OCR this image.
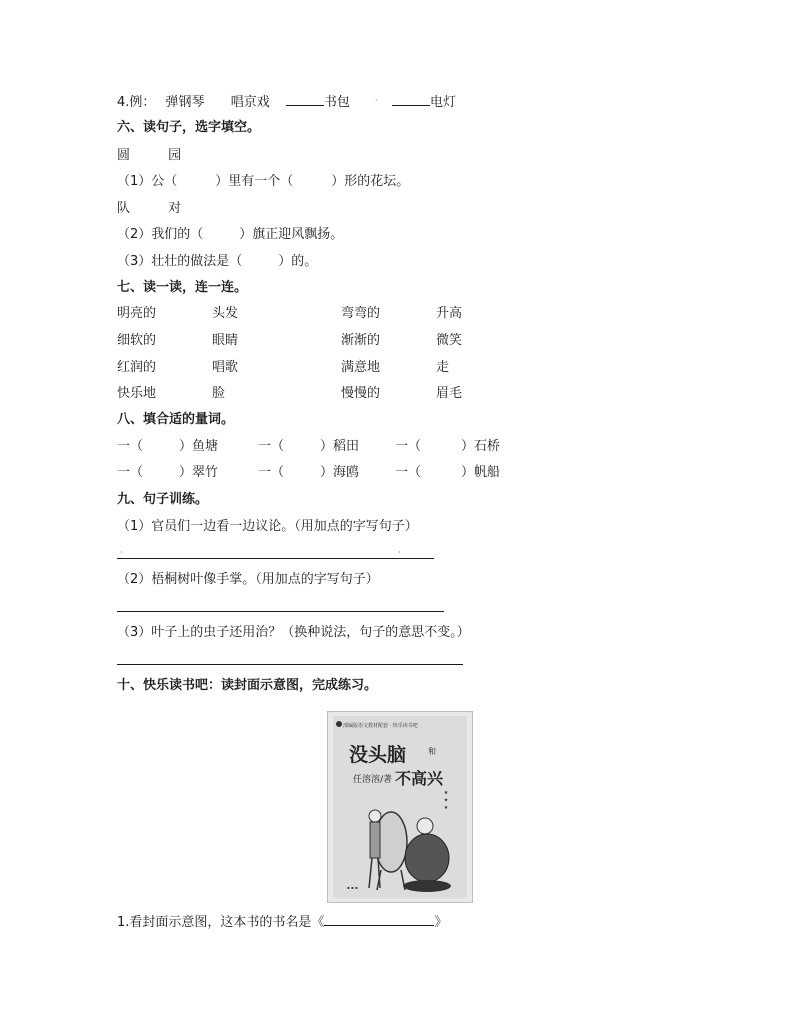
4.例： 弹钢琴 唱京戏	书包	电灯
·
六、读句子，选字填空。
圆	园
（1）公（	）里有一个（	）形的花坛。
队	对
（2）我们的（	）旗正迎风飘扬。
（3）壮壮的做法是（	）的。
七、读一读，连一连。
明亮的	头发	弯弯的	升高
细软的	眼睛	渐渐的	微笑
红润的	唱歌	满意地	走
快乐地	脸	慢慢的	眉毛
八、填合适的量词。
一（	）鱼塘	一（	）稻田	一（	）石桥
一（	）翠竹	一（	）海鸥	一（	）帆船
九、句子训练。
（1）官员们一边看一边议论。（用加点的字写句子）
·	·
（2）梧桐树叶像手掌。（用加点的字写句子）
（3）叶子上的虫子还用治？（换种说法，句子的意思不变。）
十、快乐读书吧：读封面示意图，完成练习。
部编版语文教材配套 · 快乐读书吧
没头脑	和
任溶溶/著 不高兴
★ ★ ★
▪ ▪ ▪
1.看封面示意图，这本书的书名是《	》
